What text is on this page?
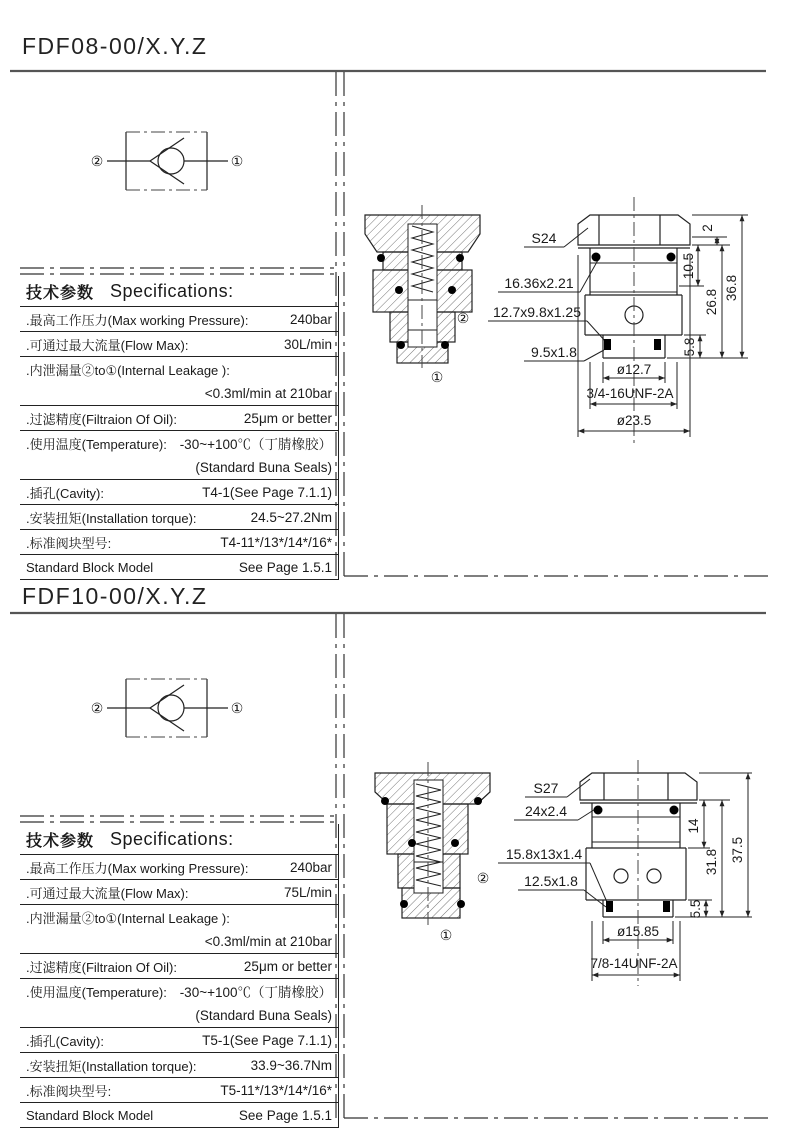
②	①
②	①
②
①
S24
16.36x2.21
12.7x9.8x1.25
9.5x1.8
2
10.5
5.8
26.8
36.8
ø12.7
3/4-16UNF-2A
ø23.5
②
①
S27
24x2.4
15.8x13x1.4
12.5x1.8
14
5.5
31.8 37.5
ø15.85
7/8-14UNF-2A
FDF08-00/X.Y.Z
FDF10-00/X.Y.Z
技术参数 Specifications:
.最高工作压力(Max working Pressure):	240bar
.可通过最大流量(Flow Max):	30L/min
.内泄漏量②to①(Internal Leakage ):
<0.3ml/min at 210bar
.过滤精度(Filtraion Of Oil):	25μm or better
.使用温度(Temperature): -30~+100℃（丁腈橡胶）
(Standard Buna Seals)
.插孔(Cavity):	T4-1(See Page 7.1.1)
.安装扭矩(Installation torque):	24.5~27.2Nm
.标准阀块型号:	T4-11*/13*/14*/16*
Standard Block Model	See Page 1.5.1
技术参数 Specifications:
.最高工作压力(Max working Pressure):	240bar
.可通过最大流量(Flow Max):	75L/min
.内泄漏量②to①(Internal Leakage ):
<0.3ml/min at 210bar
.过滤精度(Filtraion Of Oil):	25μm or better
.使用温度(Temperature): -30~+100℃（丁腈橡胶）
(Standard Buna Seals)
.插孔(Cavity):	T5-1(See Page 7.1.1)
.安装扭矩(Installation torque):	33.9~36.7Nm
.标准阀块型号:	T5-11*/13*/14*/16*
Standard Block Model	See Page 1.5.1
